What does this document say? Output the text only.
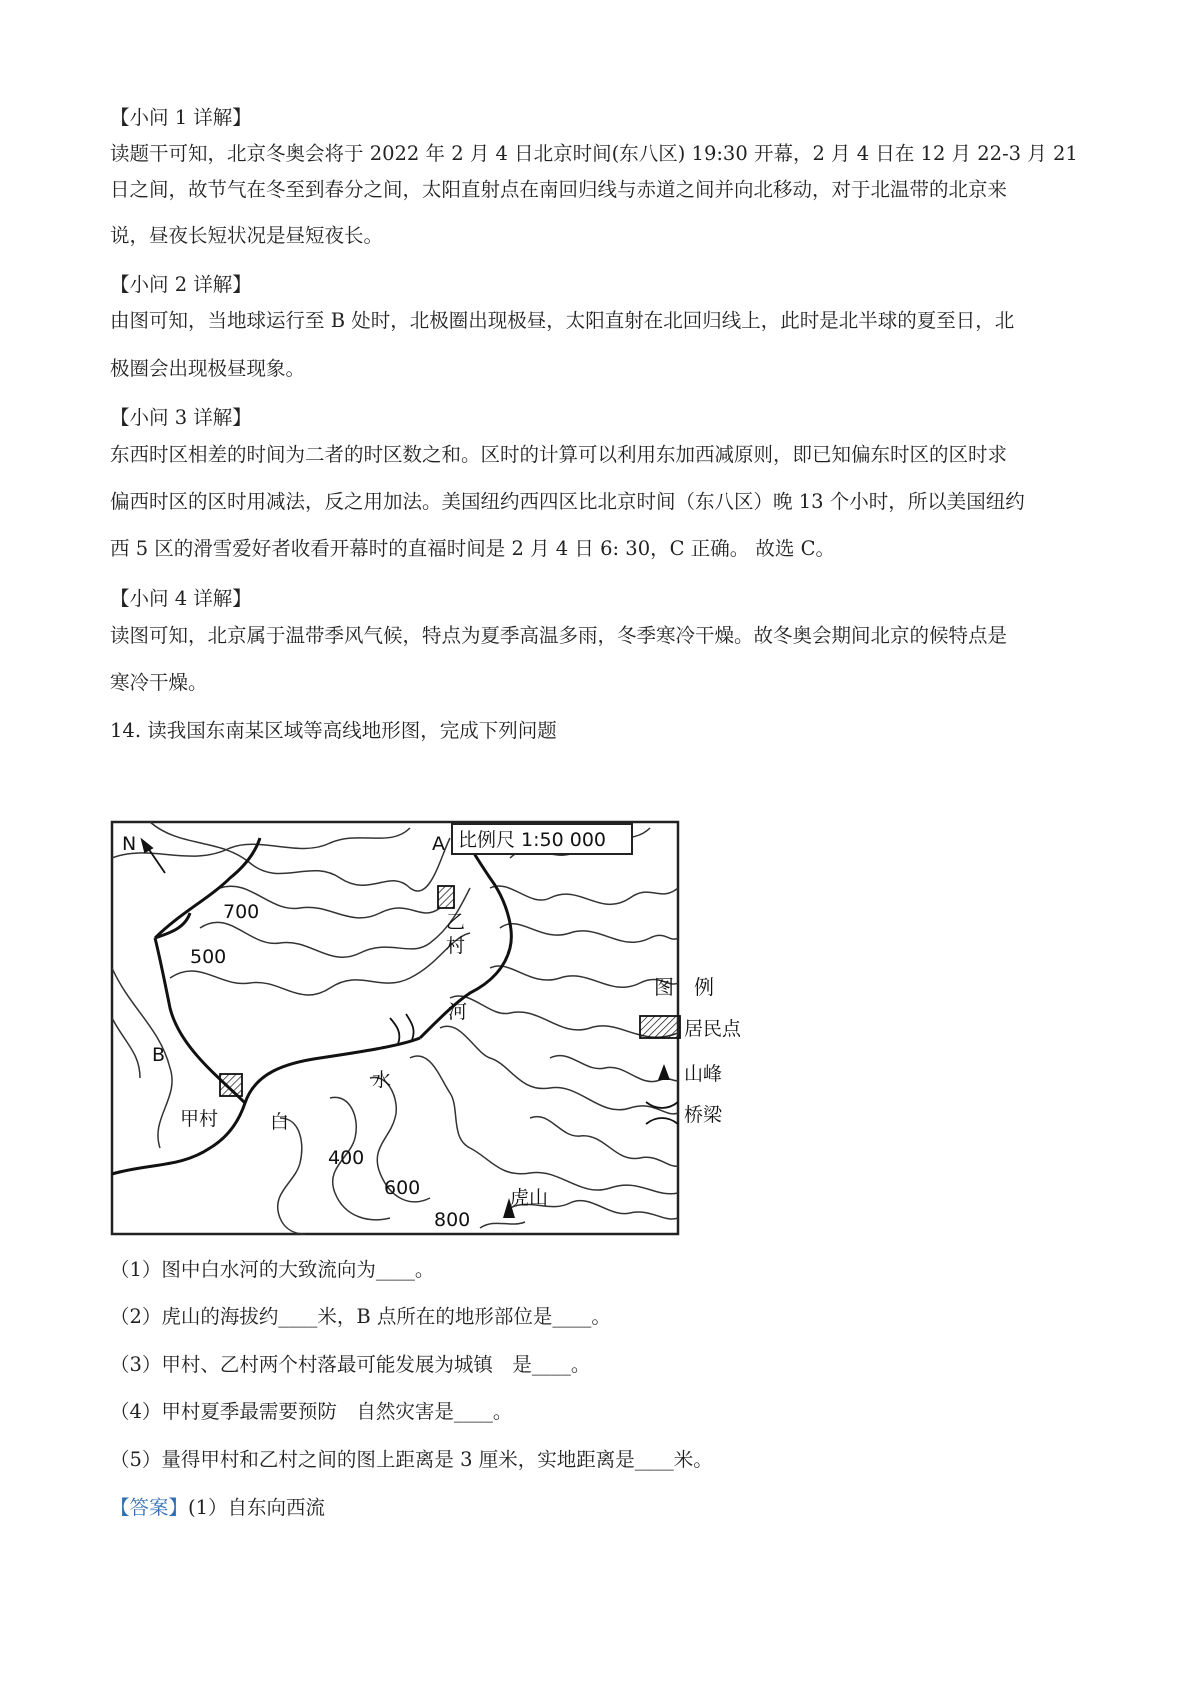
【小问 1 详解】
读题干可知，北京冬奥会将于 2022 年 2 月 4 日北京时间(东八区) 19:30 开幕，2 月 4 日在 12 月 22-3 月 21
日之间，故节气在冬至到春分之间，太阳直射点在南回归线与赤道之间并向北移动，对于北温带的北京来
说，昼夜长短状况是昼短夜长。
【小问 2 详解】
由图可知，当地球运行至 B 处时，北极圈出现极昼，太阳直射在北回归线上，此时是北半球的夏至日，北
极圈会出现极昼现象。
【小问 3 详解】
东西时区相差的时间为二者的时区数之和。区时的计算可以利用东加西减原则，即已知偏东时区的区时求
偏西时区的区时用减法，反之用加法。美国纽约西四区比北京时间（东八区）晚 13 个小时，所以美国纽约
西 5 区的滑雪爱好者收看开幕时的直福时间是 2 月 4 日 6: 30，C 正确。 故选 C。
【小问 4 详解】
读图可知，北京属于温带季风气候，特点为夏季高温多雨，冬季寒冷干燥。故冬奥会期间北京的候特点是
寒冷干燥。
14. 读我国东南某区域等高线地形图，完成下列问题
N	比例尺 1:50 000
A
B
乙 村
甲村	白
水
河
700
500
400
600
800
虎山
图　例
居民点
山峰
桥梁
（1）图中白水河的大致流向为____。
（2）虎山的海拔约____米，B 点所在的地形部位是____。
（3）甲村、乙村两个村落最可能发展为城镇　是____。
（4）甲村夏季最需要预防　自然灾害是____。
（5）量得甲村和乙村之间的图上距离是 3 厘米，实地距离是____米。
【答案】(1）自东向西流
